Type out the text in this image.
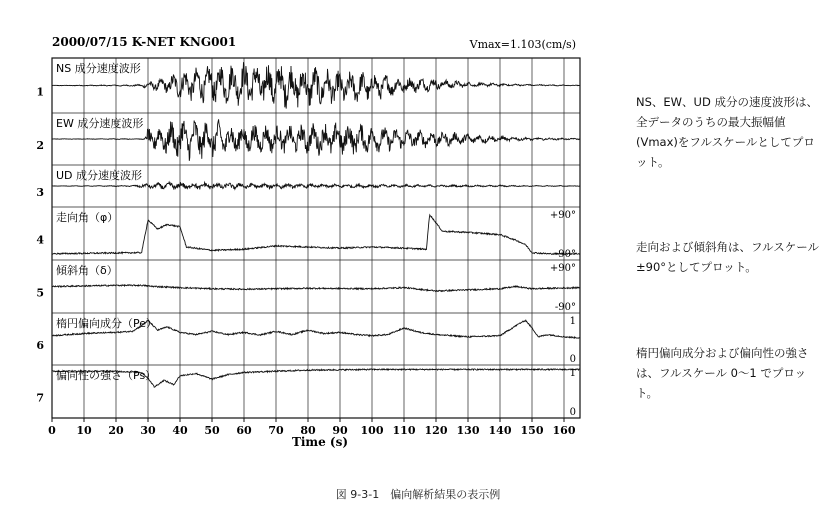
1
NS 成分速度波形
2
EW 成分速度波形
3
UD 成分速度波形
4
走向角（φ）	+90°
-90°
5
傾斜角（δ）	+90°
-90°
6
楕円偏向成分（Pe）	1
0
7
偏向性の強さ（Ps）	1
0
0 10 20 30 40 50 60 70 80 90 100 110 120 130 140 150 160
2000/07/15 K-NET KNG001	Vmax=1.103(cm/s)
Time (s)
NS、EW、UD 成分の速度波形は、全データのうちの最大振幅値(Vmax)をフルスケールとしてプロット。
走向および傾斜角は、フルスケール±90°としてプロット。
楕円偏向成分および偏向性の強さは、フルスケール 0〜1 でプロット。
図 9-3-1　偏向解析結果の表示例
